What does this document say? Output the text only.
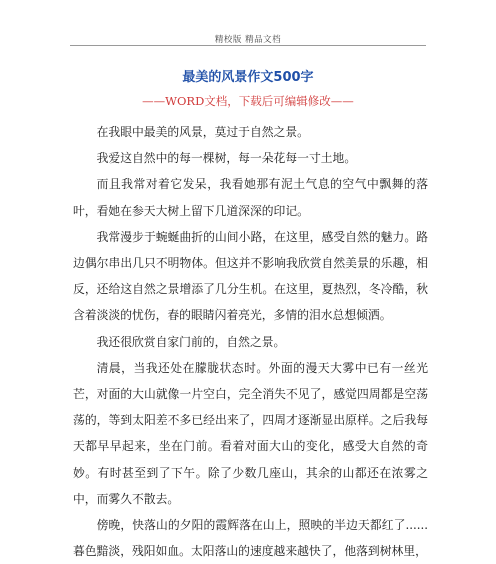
精校版 精品文档
最美的风景作文500字
——WORD文档，下载后可编辑修改——

在我眼中最美的风景，莫过于自然之景。

我爱这自然中的每一棵树，每一朵花每一寸土地。

而且我常对着它发呆，我看她那有泥土气息的空气中飘舞的落叶，看她在参天大树上留下几道深深的印记。

我常漫步于蜿蜒曲折的山间小路，在这里，感受自然的魅力。路边偶尔串出几只不明物体。但这并不影响我欣赏自然美景的乐趣，相反，还给这自然之景增添了几分生机。在这里，夏热烈，冬冷酷，秋含着淡淡的忧伤，春的眼睛闪着亮光，多情的泪水总想倾洒。

我还很欣赏自家门前的，自然之景。

清晨，当我还处在朦胧状态时。外面的漫天大雾中已有一丝光芒，对面的大山就像一片空白，完全消失不见了，感觉四周都是空荡荡的，等到太阳差不多已经出来了，四周才逐渐显出原样。之后我每天都早早起来，坐在门前。看着对面大山的变化，感受大自然的奇妙。有时甚至到了下午。除了少数几座山，其余的山都还在浓雾之中，而雾久不散去。

傍晚，快落山的夕阳的霞辉落在山上，照映的半边天都红了......暮色黯淡，残阳如血。太阳落山的速度越来越快了，他落到树林里，
